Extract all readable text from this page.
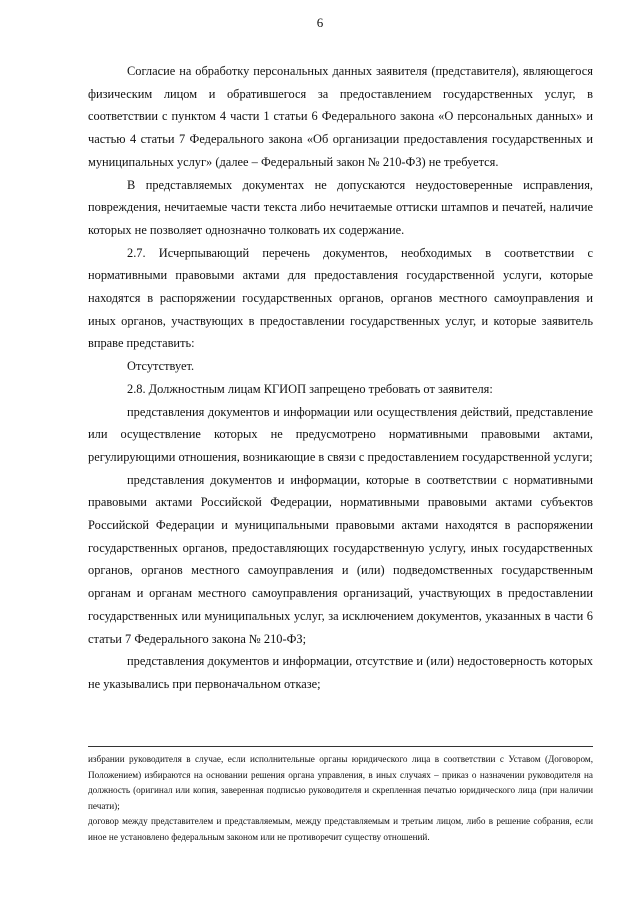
6

Согласие на обработку персональных данных заявителя (представителя), являющегося физическим лицом и обратившегося за предоставлением государственных услуг, в соответствии с пунктом 4 части 1 статьи 6 Федерального закона «О персональных данных» и частью 4 статьи 7 Федерального закона «Об организации предоставления государственных и муниципальных услуг» (далее – Федеральный закон № 210-ФЗ) не требуется.

В представляемых документах не допускаются неудостоверенные исправления, повреждения, нечитаемые части текста либо нечитаемые оттиски штампов и печатей, наличие которых не позволяет однозначно толковать их содержание.

2.7. Исчерпывающий перечень документов, необходимых в соответствии с нормативными правовыми актами для предоставления государственной услуги, которые находятся в распоряжении государственных органов, органов местного самоуправления и иных органов, участвующих в предоставлении государственных услуг, и которые заявитель вправе представить:

Отсутствует.

2.8. Должностным лицам КГИОП запрещено требовать от заявителя:

представления документов и информации или осуществления действий, представление или осуществление которых не предусмотрено нормативными правовыми актами, регулирующими отношения, возникающие в связи с предоставлением государственной услуги;

представления документов и информации, которые в соответствии с нормативными правовыми актами Российской Федерации, нормативными правовыми актами субъектов Российской Федерации и муниципальными правовыми актами находятся в распоряжении государственных органов, предоставляющих государственную услугу, иных государственных органов, органов местного самоуправления и (или) подведомственных государственным органам и органам местного самоуправления организаций, участвующих в предоставлении государственных или муниципальных услуг, за исключением документов, указанных в части 6 статьи 7 Федерального закона № 210-ФЗ;

представления документов и информации, отсутствие и (или) недостоверность которых не указывались при первоначальном отказе;

избрании руководителя в случае, если исполнительные органы юридического лица в соответствии с Уставом (Договором, Положением) избираются на основании решения органа управления, в иных случаях – приказ о назначении руководителя на должность (оригинал или копия, заверенная подписью руководителя и скрепленная печатью юридического лица (при наличии печати);

договор между представителем и представляемым, между представляемым и третьим лицом, либо в решение собрания, если иное не установлено федеральным законом или не противоречит существу отношений.
